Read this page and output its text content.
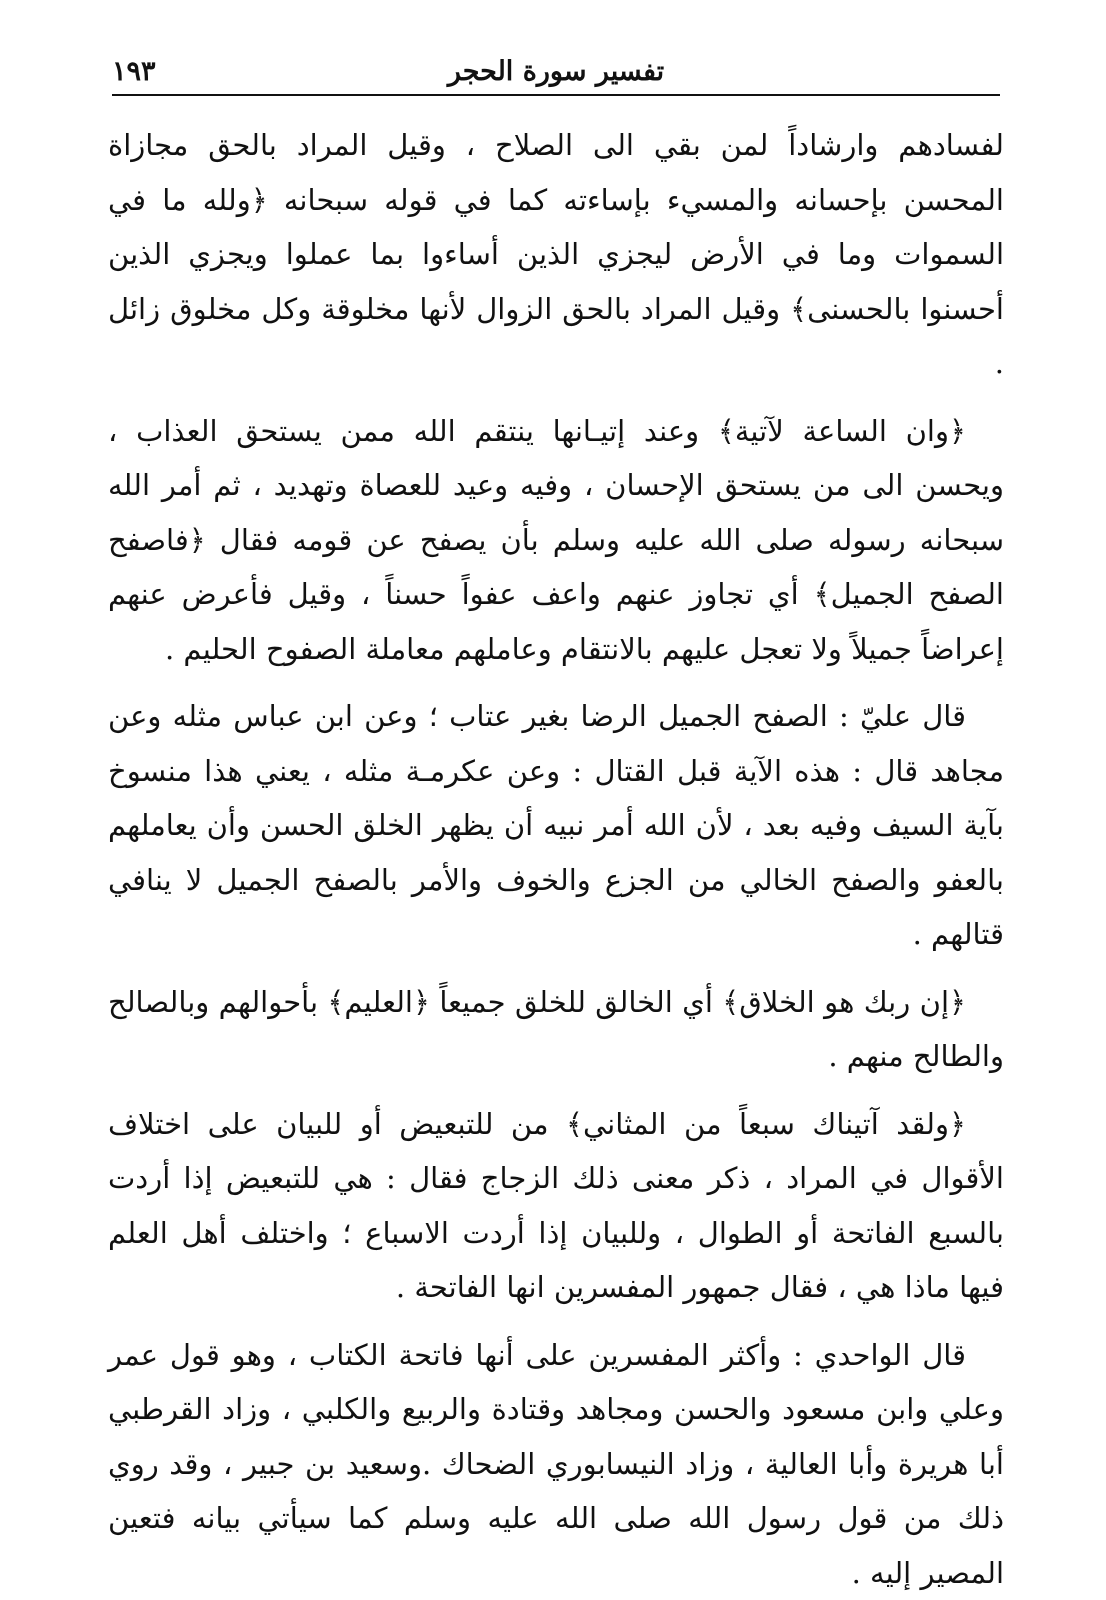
تفسير سورة الحجر
١٩٣

لفسادهم وارشاداً لمن بقي الى الصلاح ، وقيل المراد بالحق مجازاة المحسن بإحسانه والمسيء بإساءته كما في قوله سبحانه ﴿ولله ما في السموات وما في الأرض ليجزي الذين أساءوا بما عملوا ويجزي الذين أحسنوا بالحسنى﴾ وقيل المراد بالحق الزوال لأنها مخلوقة وكل مخلوق زائل .

﴿وان الساعة لآتية﴾ وعند إتيـانها ينتقم الله ممن يستحق العذاب ، ويحسن الى من يستحق الإحسان ، وفيه وعيد للعصاة وتهديد ، ثم أمر الله سبحانه رسوله صلى الله عليه وسلم بأن يصفح عن قومه فقال ﴿فاصفح الصفح الجميل﴾ أي تجاوز عنهم واعف عفواً حسناً ، وقيل فأعرض عنهم إعراضاً جميلاً ولا تعجل عليهم بالانتقام وعاملهم معاملة الصفوح الحليم .

قال عليّ : الصفح الجميل الرضا بغير عتاب ؛ وعن ابن عباس مثله وعن مجاهد قال : هذه الآية قبل القتال : وعن عكرمـة مثله ، يعني هذا منسوخ بآية السيف وفيه بعد ، لأن الله أمر نبيه أن يظهر الخلق الحسن وأن يعاملهم بالعفو والصفح الخالي من الجزع والخوف والأمر بالصفح الجميل لا ينافي قتالهم .

﴿إن ربك هو الخلاق﴾ أي الخالق للخلق جميعاً ﴿العليم﴾ بأحوالهم وبالصالح والطالح منهم .

﴿ولقد آتيناك سبعاً من المثاني﴾ من للتبعيض أو للبيان على اختلاف الأقوال في المراد ، ذكر معنى ذلك الزجاج فقال : هي للتبعيض إذا أردت بالسبع الفاتحة أو الطوال ، وللبيان إذا أردت الاسباع ؛ واختلف أهل العلم فيها ماذا هي ، فقال جمهور المفسرين انها الفاتحة .

قال الواحدي : وأكثر المفسرين على أنها فاتحة الكتاب ، وهو قول عمر وعلي وابن مسعود والحسن ومجاهد وقتادة والربيع والكلبي ، وزاد القرطبي أبا هريرة وأبا العالية ، وزاد النيسابوري الضحاك .وسعيد بن جبير ، وقد روي ذلك من قول رسول الله صلى الله عليه وسلم كما سيأتي بيانه فتعين المصير إليه .
